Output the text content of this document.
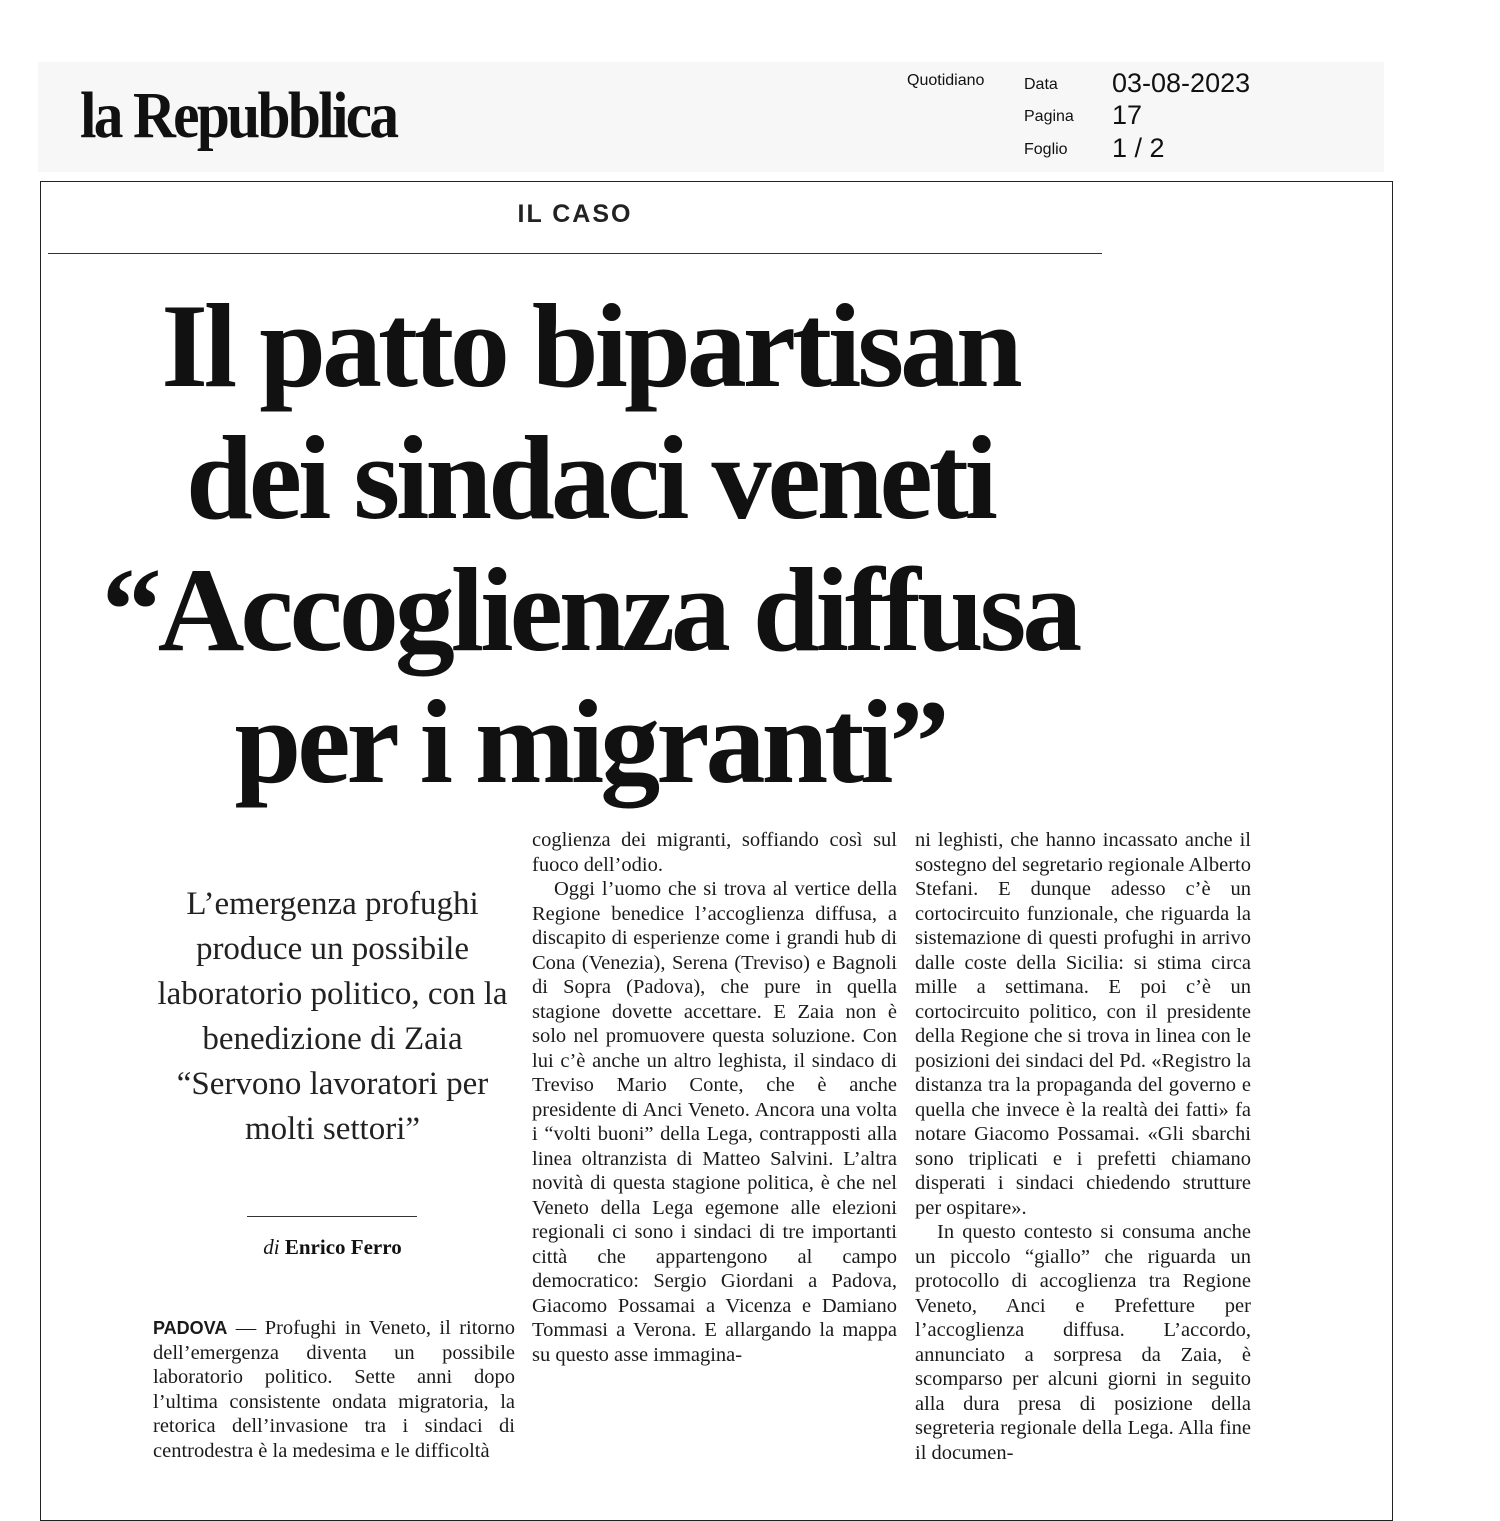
la Repubblica	Quotidiano Data 03-08-2023
Pagina 17
Foglio 1 / 2
IL CASO
Il patto bipartisan
dei sindaci veneti
“Accoglienza diffusa
per i migranti”
L’emergenza profughi produce un possibile laboratorio politico, con la benedizione di Zaia “Servono lavoratori per molti settori”
di Enrico Ferro

PADOVA — Profughi in Veneto, il ritorno dell’emergenza diventa un possibile laboratorio politico. Sette anni dopo l’ultima consistente ondata migratoria, la retorica dell’invasione tra i sindaci di centrodestra è la medesima e le difficoltà

coglienza dei migranti, soffiando così sul fuoco dell’odio.

Oggi l’uomo che si trova al vertice della Regione benedice l’accoglienza diffusa, a discapito di esperienze come i grandi hub di Cona (Venezia), Serena (Treviso) e Bagnoli di Sopra (Padova), che pure in quella stagione dovette accettare. E Zaia non è solo nel promuovere questa soluzione. Con lui c’è anche un altro leghista, il sindaco di Treviso Mario Conte, che è anche presidente di Anci Veneto. Ancora una volta i “volti buoni” della Lega, contrapposti alla linea oltranzista di Matteo Salvini. L’altra novità di questa stagione politica, è che nel Veneto della Lega egemone alle elezioni regionali ci sono i sindaci di tre importanti città che appartengono al campo democratico: Sergio Giordani a Padova, Giacomo Possamai a Vicenza e Damiano Tommasi a Verona. E allargando la mappa su questo asse immagina-

ni leghisti, che hanno incassato anche il sostegno del segretario regionale Alberto Stefani. E dunque adesso c’è un cortocircuito funzionale, che riguarda la sistemazione di questi profughi in arrivo dalle coste della Sicilia: si stima circa mille a settimana. E poi c’è un cortocircuito politico, con il presidente della Regione che si trova in linea con le posizioni dei sindaci del Pd. «Registro la distanza tra la propaganda del governo e quella che invece è la realtà dei fatti» fa notare Giacomo Possamai. «Gli sbarchi sono triplicati e i prefetti chiamano disperati i sindaci chiedendo strutture per ospitare».

In questo contesto si consuma anche un piccolo “giallo” che riguarda un protocollo di accoglienza tra Regione Veneto, Anci e Prefetture per l’accoglienza diffusa. L’accordo, annunciato a sorpresa da Zaia, è scomparso per alcuni giorni in seguito alla dura presa di posizione della segreteria regionale della Lega. Alla fine il documen-
